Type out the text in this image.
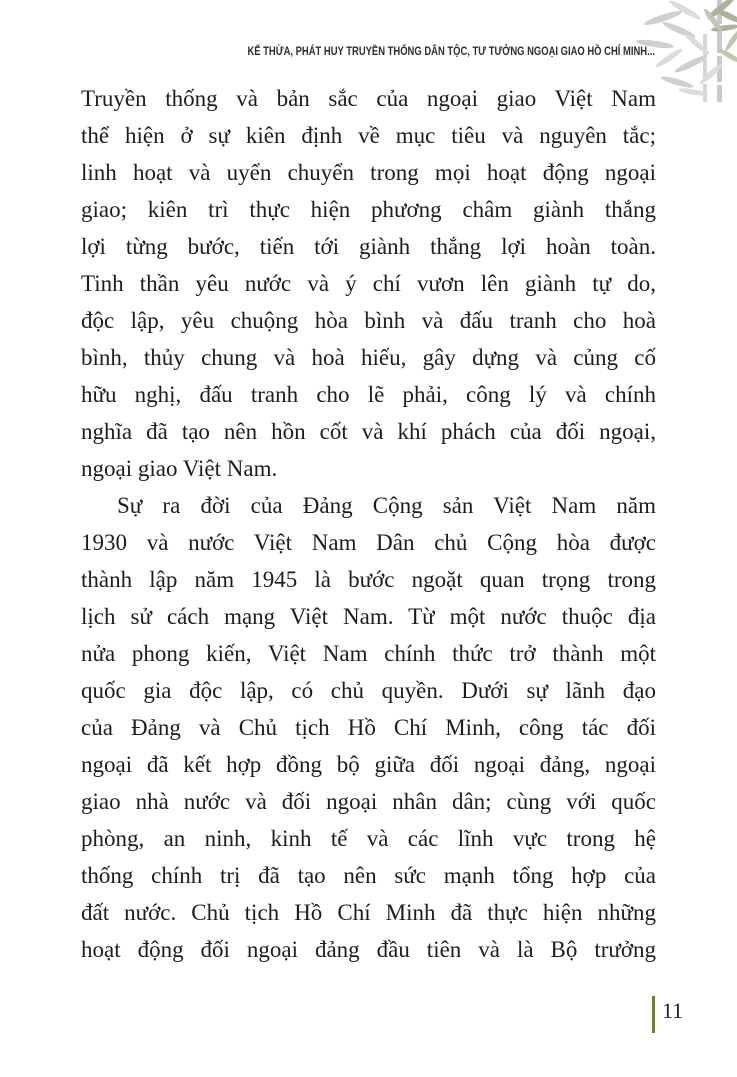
KẾ THỪA, PHÁT HUY TRUYỀN THỐNG DÂN TỘC, TƯ TƯỞNG NGOẠI GIAO HỒ CHÍ MINH...
Truyền thống và bản sắc của ngoại giao Việt Nam
thể hiện ở sự kiên định về mục tiêu và nguyên tắc;
linh hoạt và uyển chuyển trong mọi hoạt động ngoại
giao; kiên trì thực hiện phương châm giành thắng
lợi từng bước, tiến tới giành thắng lợi hoàn toàn.
Tinh thần yêu nước và ý chí vươn lên giành tự do,
độc lập, yêu chuộng hòa bình và đấu tranh cho hoà
bình, thủy chung và hoà hiếu, gây dựng và củng cố
hữu nghị, đấu tranh cho lẽ phải, công lý và chính
nghĩa đã tạo nên hồn cốt và khí phách của đối ngoại,
ngoại giao Việt Nam.
Sự ra đời của Đảng Cộng sản Việt Nam năm
1930 và nước Việt Nam Dân chủ Cộng hòa được
thành lập năm 1945 là bước ngoặt quan trọng trong
lịch sử cách mạng Việt Nam. Từ một nước thuộc địa
nửa phong kiến, Việt Nam chính thức trở thành một
quốc gia độc lập, có chủ quyền. Dưới sự lãnh đạo
của Đảng và Chủ tịch Hồ Chí Minh, công tác đối
ngoại đã kết hợp đồng bộ giữa đối ngoại đảng, ngoại
giao nhà nước và đối ngoại nhân dân; cùng với quốc
phòng, an ninh, kinh tế và các lĩnh vực trong hệ
thống chính trị đã tạo nên sức mạnh tổng hợp của
đất nước. Chủ tịch Hồ Chí Minh đã thực hiện những
hoạt động đối ngoại đảng đầu tiên và là Bộ trưởng
11
